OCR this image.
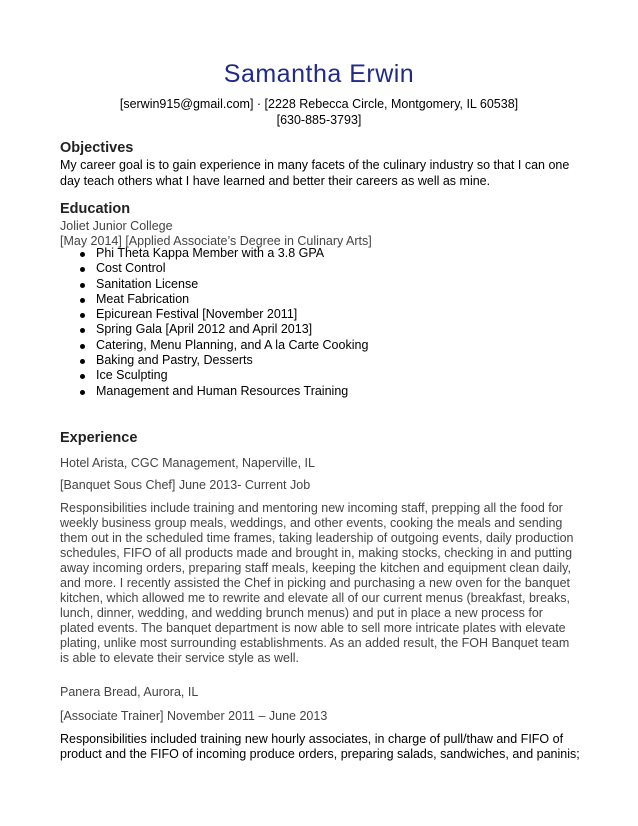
Samantha Erwin
[serwin915@gmail.com] · [2228 Rebecca Circle, Montgomery, IL 60538]
[630-885-3793]
Objectives
My career goal is to gain experience in many facets of the culinary industry so that I can one
day teach others what I have learned and better their careers as well as mine.
Education
Joliet Junior College
[May 2014] [Applied Associate’s Degree in Culinary Arts]
Phi Theta Kappa Member with a 3.8 GPA
Cost Control
Sanitation License
Meat Fabrication
Epicurean Festival [November 2011]
Spring Gala [April 2012 and April 2013]
Catering, Menu Planning, and A la Carte Cooking
Baking and Pastry, Desserts
Ice Sculpting
Management and Human Resources Training
Experience
Hotel Arista, CGC Management, Naperville, IL
[Banquet Sous Chef] June 2013- Current Job
Responsibilities include training and mentoring new incoming staff, prepping all the food for
weekly business group meals, weddings, and other events, cooking the meals and sending
them out in the scheduled time frames, taking leadership of outgoing events, daily production
schedules, FIFO of all products made and brought in, making stocks, checking in and putting
away incoming orders, preparing staff meals, keeping the kitchen and equipment clean daily,
and more. I recently assisted the Chef in picking and purchasing a new oven for the banquet
kitchen, which allowed me to rewrite and elevate all of our current menus (breakfast, breaks,
lunch, dinner, wedding, and wedding brunch menus) and put in place a new process for
plated events. The banquet department is now able to sell more intricate plates with elevate
plating, unlike most surrounding establishments. As an added result, the FOH Banquet team
is able to elevate their service style as well.
Panera Bread, Aurora, IL
[Associate Trainer] November 2011 – June 2013
Responsibilities included training new hourly associates, in charge of pull/thaw and FIFO of
product and the FIFO of incoming produce orders, preparing salads, sandwiches, and paninis;
